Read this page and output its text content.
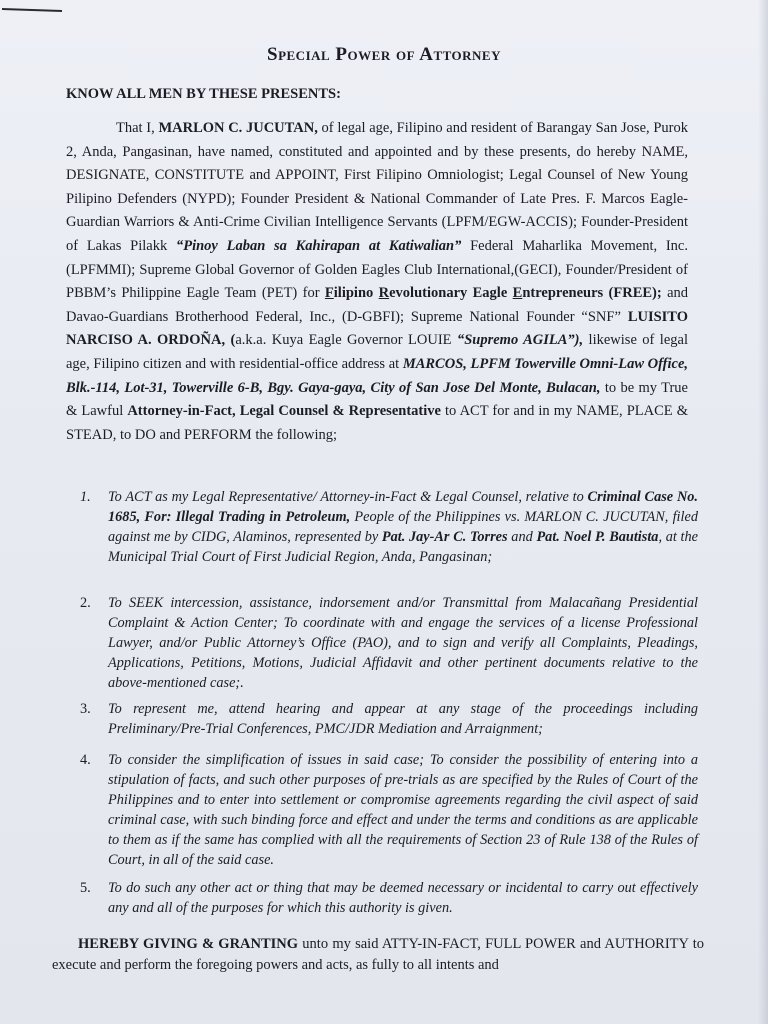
Special Power of Attorney
KNOW ALL MEN BY THESE PRESENTS:
That I, MARLON C. JUCUTAN, of legal age, Filipino and resident of Barangay San Jose, Purok 2, Anda, Pangasinan, have named, constituted and appointed and by these presents, do hereby NAME, DESIGNATE, CONSTITUTE and APPOINT, First Filipino Omniologist; Legal Counsel of New Young Pilipino Defenders (NYPD); Founder President & National Commander of Late Pres. F. Marcos Eagle-Guardian Warriors & Anti-Crime Civilian Intelligence Servants (LPFM/EGW-ACCIS); Founder-President of Lakas Pilakk “Pinoy Laban sa Kahirapan at Katiwalian” Federal Maharlika Movement, Inc. (LPFMMI); Supreme Global Governor of Golden Eagles Club International,(GECI), Founder/President of PBBM’s Philippine Eagle Team (PET) for Filipino Revolutionary Eagle Entrepreneurs (FREE); and Davao-Guardians Brotherhood Federal, Inc., (D-GBFI); Supreme National Founder “SNF” LUISITO NARCISO A. ORDOÑA, (a.k.a. Kuya Eagle Governor LOUIE “Supremo AGILA”), likewise of legal age, Filipino citizen and with residential-office address at MARCOS, LPFM Towerville Omni-Law Office, Blk.-114, Lot-31, Towerville 6-B, Bgy. Gaya-gaya, City of San Jose Del Monte, Bulacan, to be my True & Lawful Attorney-in-Fact, Legal Counsel & Representative to ACT for and in my NAME, PLACE & STEAD, to DO and PERFORM the following;
1.	To ACT as my Legal Representative/ Attorney-in-Fact & Legal Counsel, relative to Criminal Case No. 1685, For: Illegal Trading in Petroleum, People of the Philippines vs. MARLON C. JUCUTAN, filed against me by CIDG, Alaminos, represented by Pat. Jay-Ar C. Torres and Pat. Noel P. Bautista, at the Municipal Trial Court of First Judicial Region, Anda, Pangasinan;
2.	To SEEK intercession, assistance, indorsement and/or Transmittal from Malacañang Presidential Complaint & Action Center; To coordinate with and engage the services of a license Professional Lawyer, and/or Public Attorney’s Office (PAO), and to sign and verify all Complaints, Pleadings, Applications, Petitions, Motions, Judicial Affidavit and other pertinent documents relative to the above-mentioned case;.
3.	To represent me, attend hearing and appear at any stage of the proceedings including Preliminary/Pre-Trial Conferences, PMC/JDR Mediation and Arraignment;
4.	To consider the simplification of issues in said case; To consider the possibility of entering into a stipulation of facts, and such other purposes of pre-trials as are specified by the Rules of Court of the Philippines and to enter into settlement or compromise agreements regarding the civil aspect of said criminal case, with such binding force and effect and under the terms and conditions as are applicable to them as if the same has complied with all the requirements of Section 23 of Rule 138 of the Rules of Court, in all of the said case.
5.	To do such any other act or thing that may be deemed necessary or incidental to carry out effectively any and all of the purposes for which this authority is given.
HEREBY GIVING & GRANTING unto my said ATTY-IN-FACT, FULL POWER and AUTHORITY to execute and perform the foregoing powers and acts, as fully to all intents and
